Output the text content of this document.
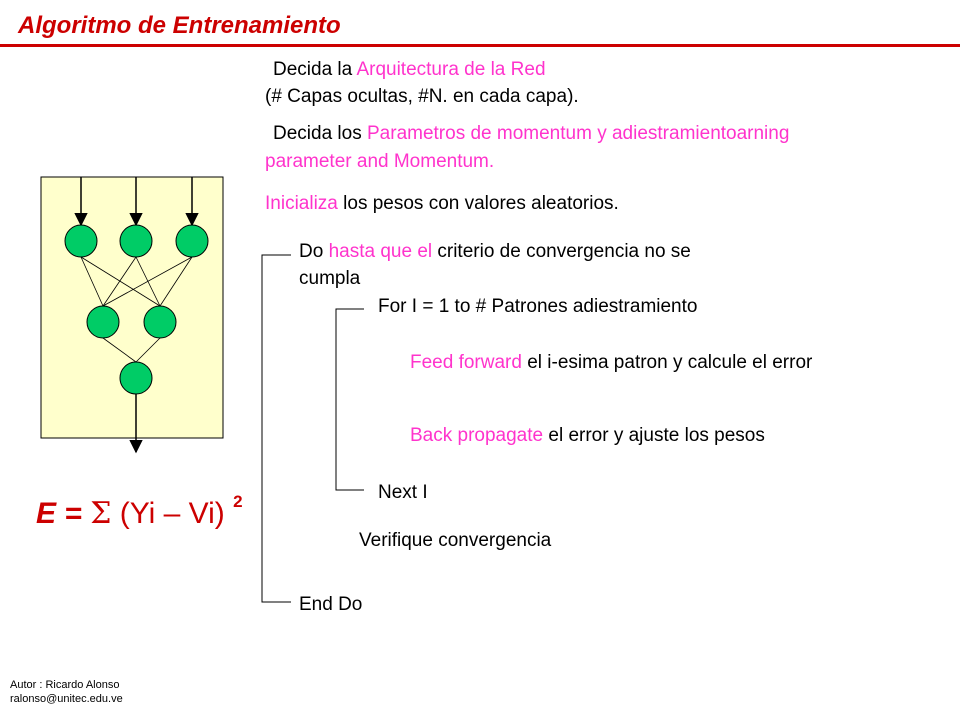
Algoritmo de Entrenamiento
Decida la Arquitectura de la Red
(# Capas ocultas, #N. en cada capa).
Decida los Parametros de momentum y adiestramientoarning
parameter and Momentum.
Inicializa los pesos con valores aleatorios.
Do hasta que el criterio de convergencia no se
cumpla
For I = 1 to # Patrones adiestramiento
Feed forward el i-esima patron y calcule el error
Back propagate el error y ajuste los pesos
Next I
Verifique convergencia
End Do
E = Σ (Yi – Vi) $^2$
Autor : Ricardo Alonso
ralonso@unitec.edu.ve
